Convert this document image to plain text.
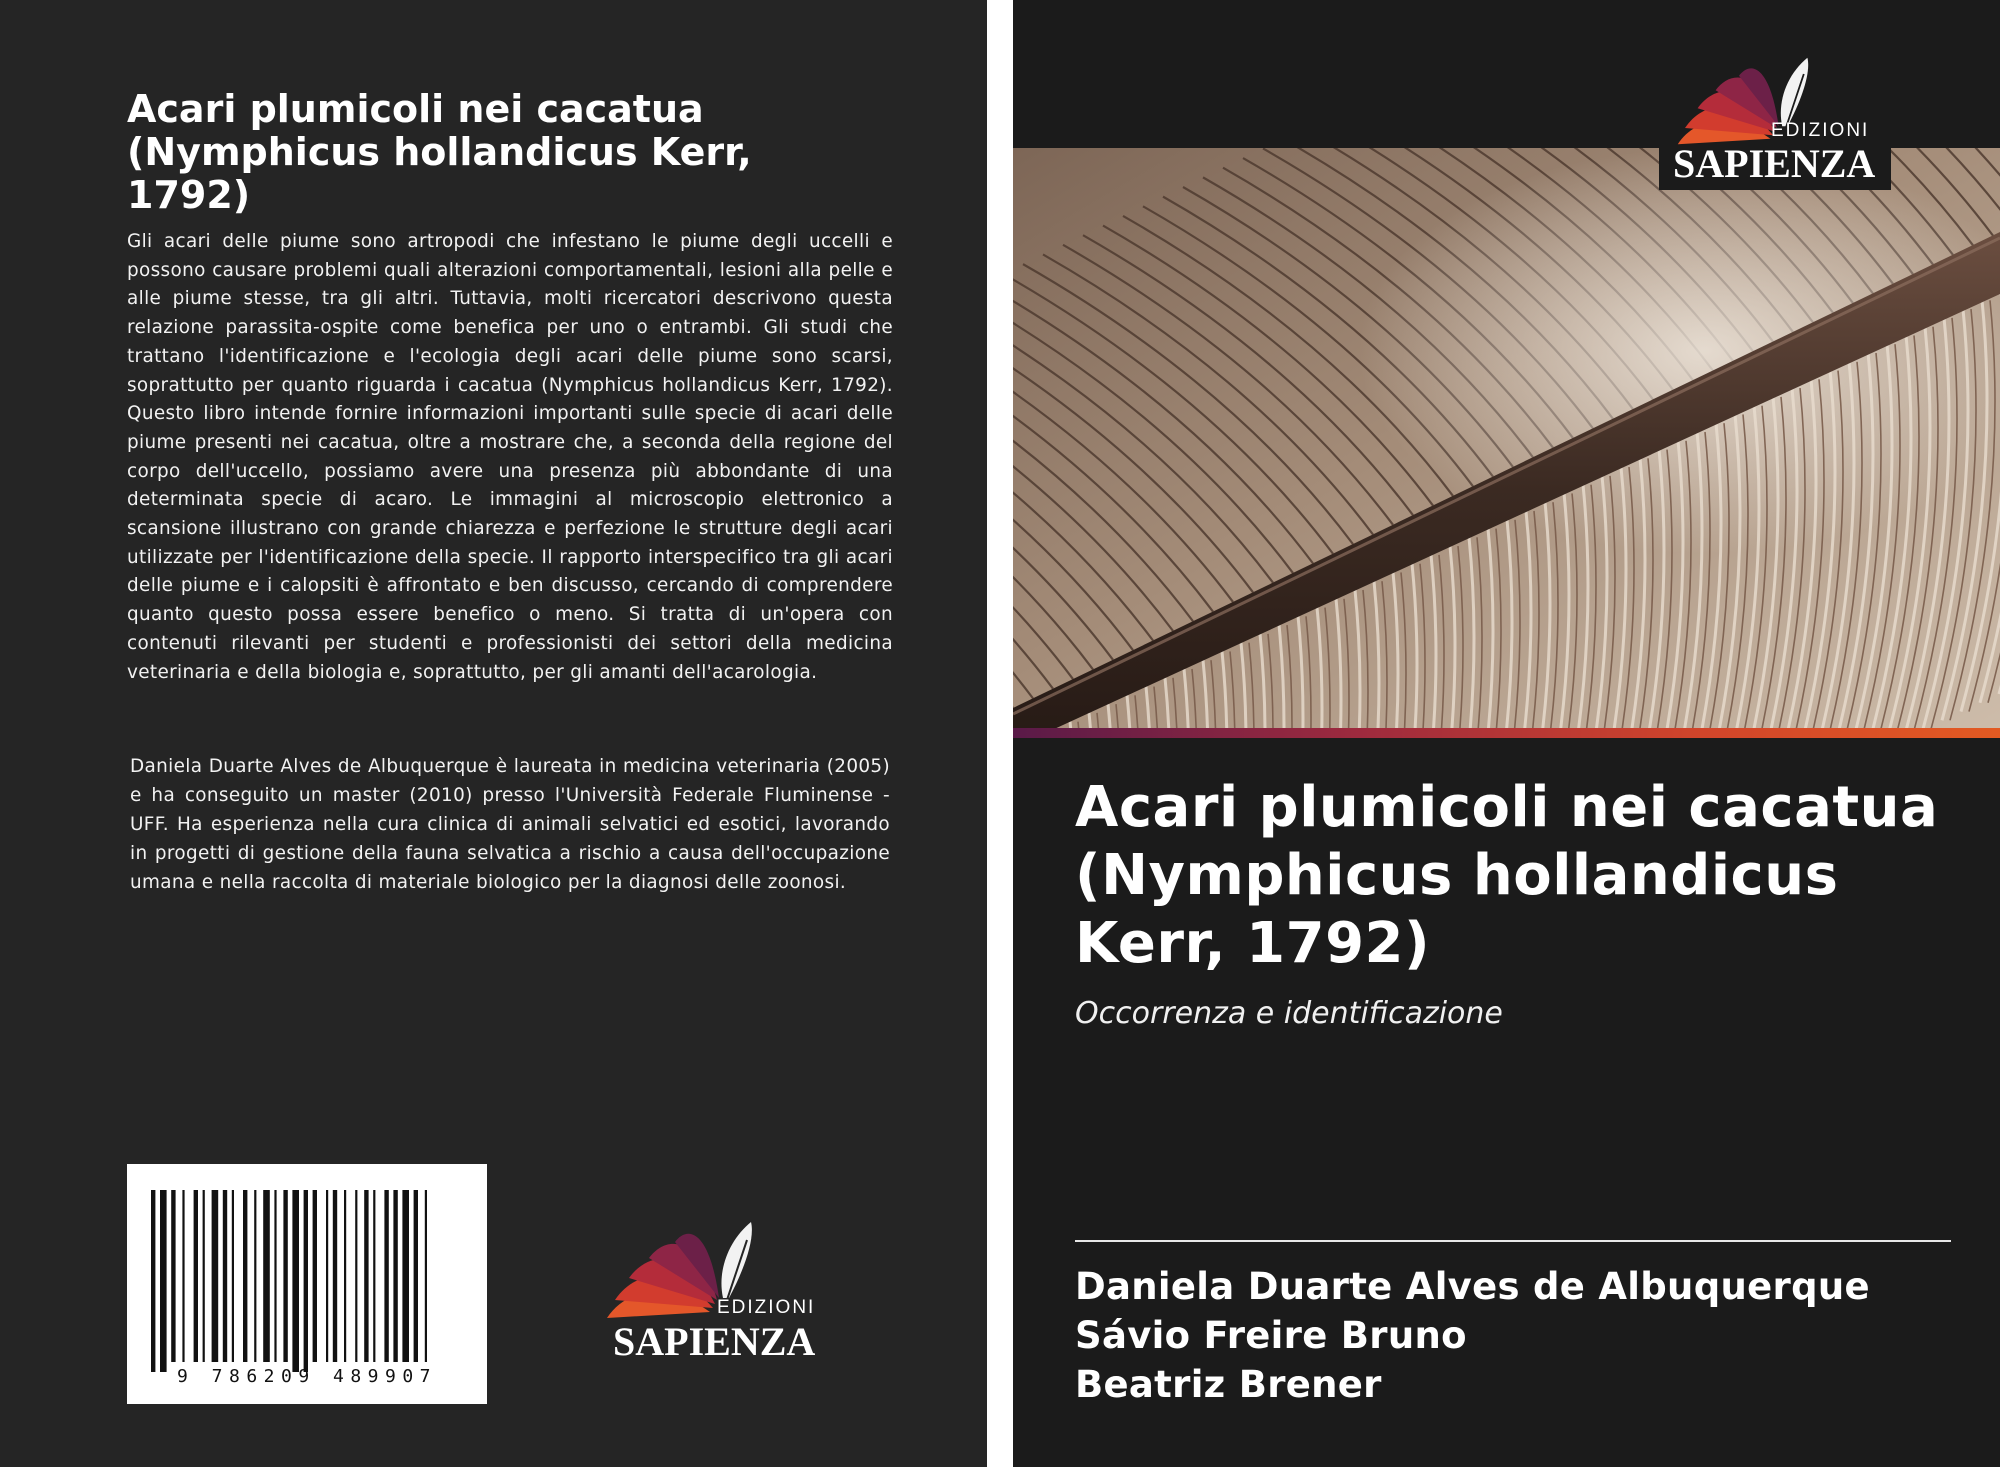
Acari plumicoli nei cacatua (Nymphicus hollandicus Kerr, 1792)

Gli acari delle piume sono artropodi che infestano le piume degli uccelli e possono causare problemi quali alterazioni comportamentali, lesioni alla pelle e alle piume stesse, tra gli altri. Tuttavia, molti ricercatori descrivono questa relazione parassita-ospite come benefica per uno o entrambi. Gli studi che trattano l'identificazione e l'ecologia degli acari delle piume sono scarsi, soprattutto per quanto riguarda i cacatua (Nymphicus hollandicus Kerr, 1792). Questo libro intende fornire informazioni importanti sulle specie di acari delle piume presenti nei cacatua, oltre a mostrare che, a seconda della regione del corpo dell'uccello, possiamo avere una presenza più abbondante di una determinata specie di acaro. Le immagini al microscopio elettronico a scansione illustrano con grande chiarezza e perfezione le strutture degli acari utilizzate per l'identificazione della specie. Il rapporto interspecifico tra gli acari delle piume e i calopsiti è affrontato e ben discusso, cercando di comprendere quanto questo possa essere benefico o meno. Si tratta di un'opera con contenuti rilevanti per studenti e professionisti dei settori della medicina veterinaria e della biologia e, soprattutto, per gli amanti dell'acarologia.

Daniela Duarte Alves de Albuquerque è laureata in medicina veterinaria (2005) e ha conseguito un master (2010) presso l'Università Federale Fluminense - UFF. Ha esperienza nella cura clinica di animali selvatici ed esotici, lavorando in progetti di gestione della fauna selvatica a rischio a causa dell'occupazione umana e nella raccolta di materiale biologico per la diagnosi delle zoonosi.

9 786209 489907
EDIZIONI
SAPIENZA
EDIZIONI
SAPIENZA
Acari plumicoli nei cacatua (Nymphicus hollandicus Kerr, 1792)

Occorrenza e identificazione

Daniela Duarte Alves de Albuquerque
Sávio Freire Bruno
Beatriz Brener
